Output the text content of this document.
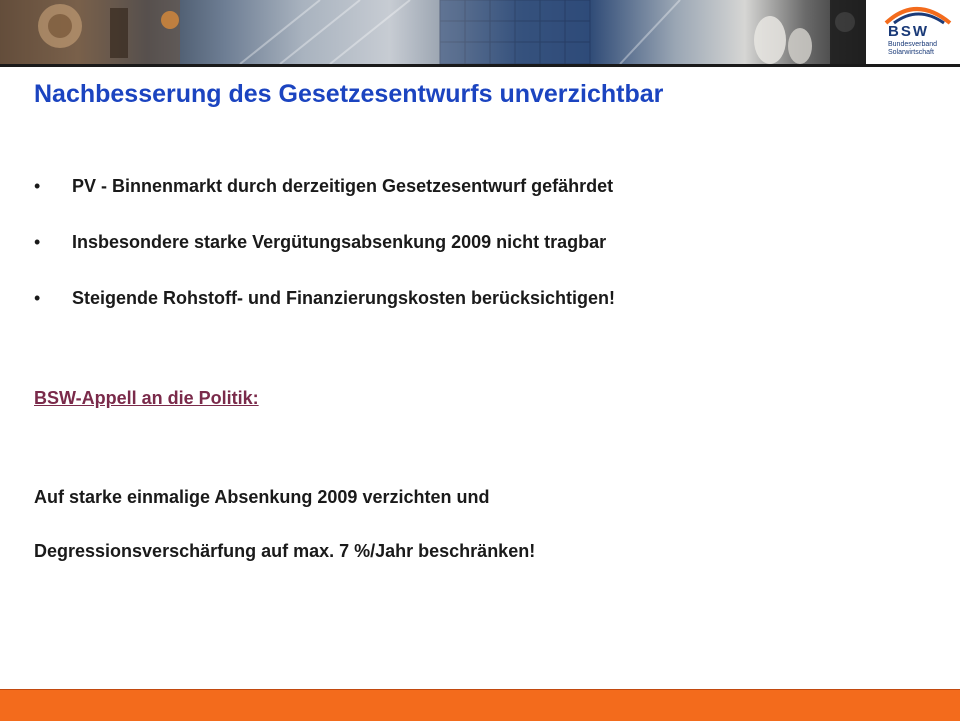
BSW
Bundesverband
Solarwirtschaft
Nachbesserung des Gesetzesentwurfs unverzichtbar
• PV - Binnenmarkt durch derzeitigen Gesetzesentwurf gefährdet
• Insbesondere starke Vergütungsabsenkung 2009 nicht tragbar
• Steigende Rohstoff- und Finanzierungskosten berücksichtigen!
BSW-Appell an die Politik:
Auf starke einmalige Absenkung 2009 verzichten und
Degressionsverschärfung auf max. 7 %/Jahr beschränken!
